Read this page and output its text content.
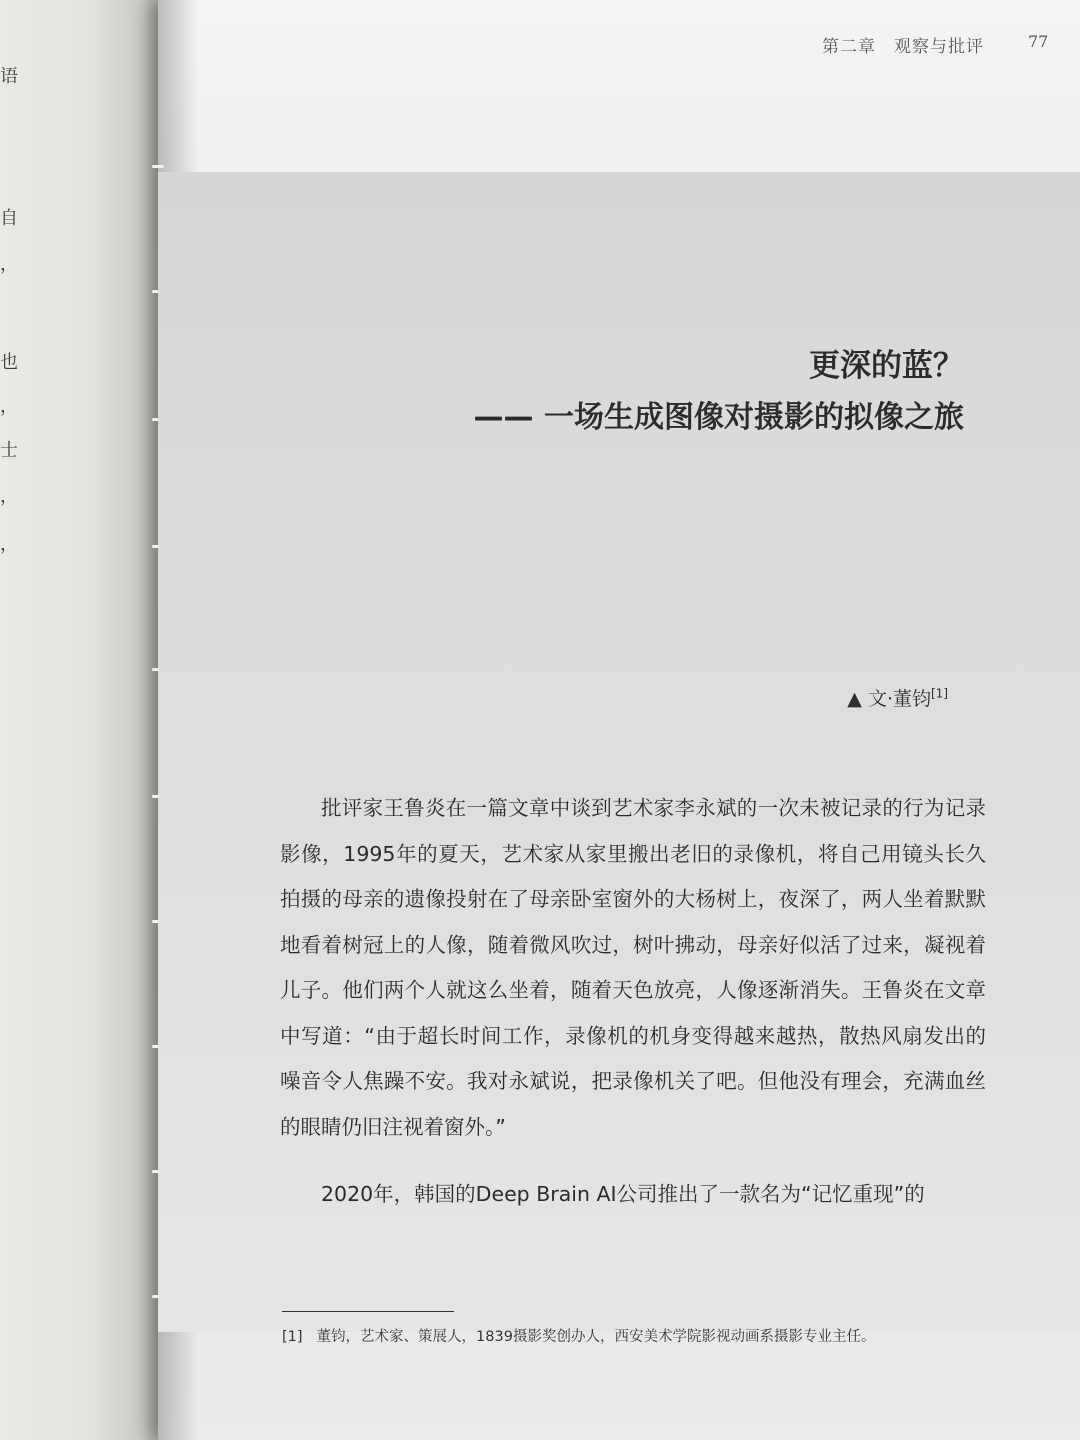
语
自
，
也
，
士
，
，
第二章　观察与批评	77
更深的蓝？
—— 一场生成图像对摄影的拟像之旅
▲ 文·董钧[1]

批评家王鲁炎在一篇文章中谈到艺术家李永斌的一次未被记录的行为记录影像，1995年的夏天，艺术家从家里搬出老旧的录像机，将自己用镜头长久拍摄的母亲的遗像投射在了母亲卧室窗外的大杨树上，夜深了，两人坐着默默地看着树冠上的人像，随着微风吹过，树叶拂动，母亲好似活了过来，凝视着儿子。他们两个人就这么坐着，随着天色放亮，人像逐渐消失。王鲁炎在文章中写道：“由于超长时间工作，录像机的机身变得越来越热，散热风扇发出的噪音令人焦躁不安。我对永斌说，把录像机关了吧。但他没有理会，充满血丝的眼睛仍旧注视着窗外。”

2020年，韩国的Deep Brain AI公司推出了一款名为“记忆重现”的

[1] 董钧，艺术家、策展人，1839摄影奖创办人，西安美术学院影视动画系摄影专业主任。
